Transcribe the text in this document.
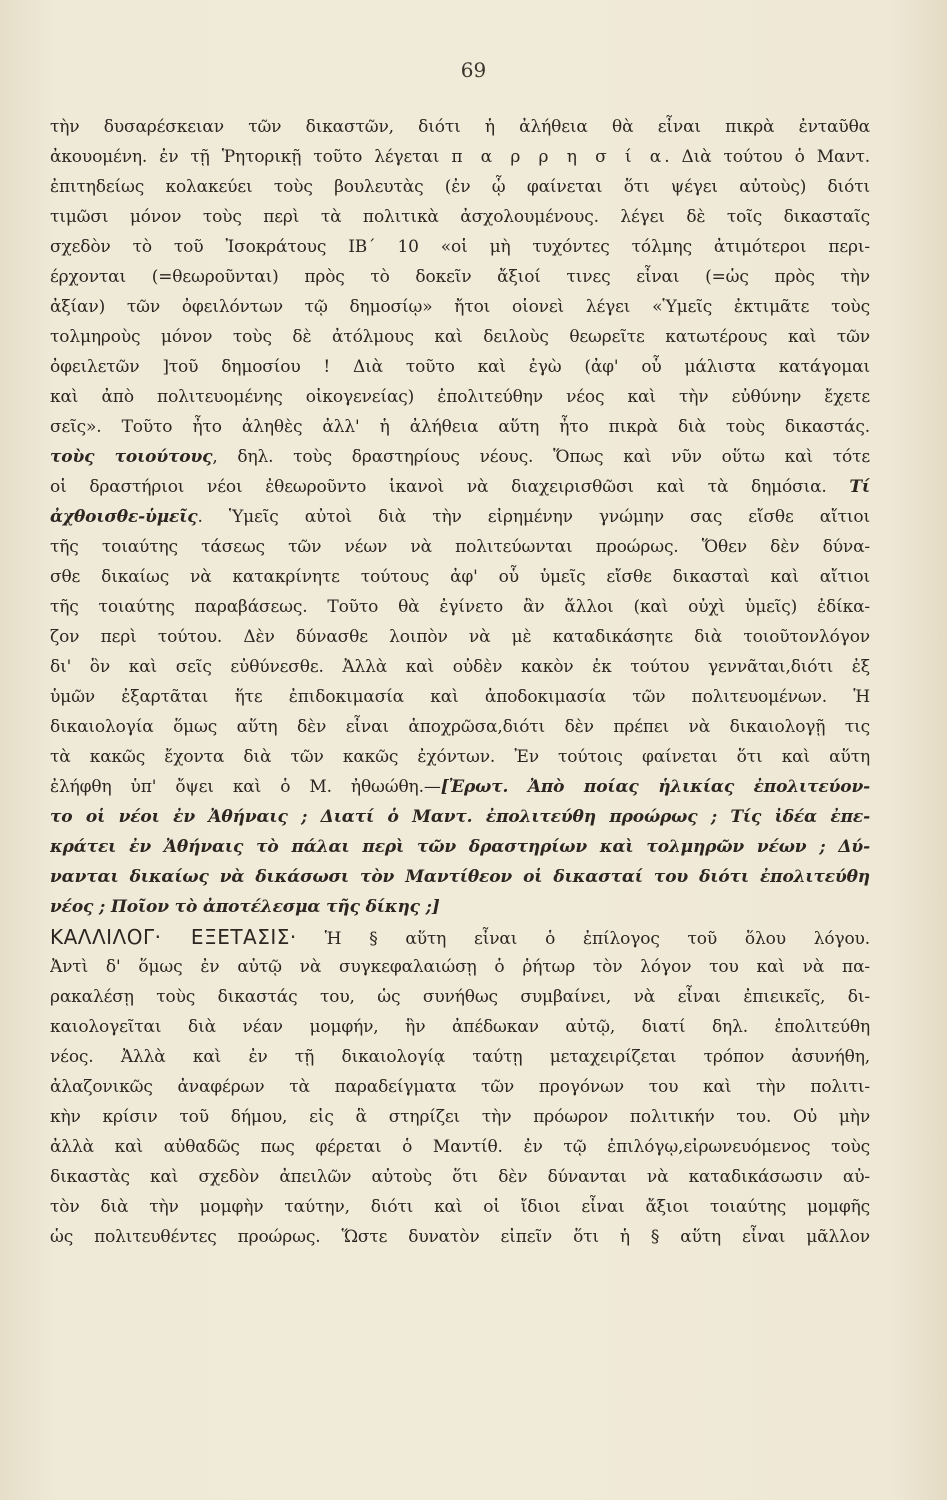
69
τὴν δυσαρέσκειαν τῶν δικαστῶν, διότι ἡ ἀλήθεια θὰ εἶναι πικρὰ ἐνταῦθα
ἀκουομένη. ἐν τῇ Ῥητορικῇ τοῦτο λέγεται π α ρ ρ η σ ί α. Διὰ τούτου ὁ Μαντ.
ἐπιτηδείως κολακεύει τοὺς βουλευτὰς (ἐν ᾧ φαίνεται ὅτι ψέγει αὐτοὺς) διότι
τιμῶσι μόνον τοὺς περὶ τὰ πολιτικὰ ἀσχολουμένους. λέγει δὲ τοῖς δικασταῖς
σχεδὸν τὸ τοῦ Ἰσοκράτους ΙΒ΄ 10 «οἱ μὴ τυχόντες τόλμης ἀτιμότεροι περι-
έρχονται (=θεωροῦνται) πρὸς τὸ δοκεῖν ἄξιοί τινες εἶναι (=ὡς πρὸς τὴν
ἀξίαν) τῶν ὀφειλόντων τῷ δημοσίῳ» ἤτοι οἱονεὶ λέγει «Ὑμεῖς ἐκτιμᾶτε τοὺς
τολμηροὺς μόνον τοὺς δὲ ἀτόλμους καὶ δειλοὺς θεωρεῖτε κατωτέρους καὶ τῶν
ὀφειλετῶν ]τοῦ δημοσίου ! Διὰ τοῦτο καὶ ἐγὼ (ἀφ' οὗ μάλιστα κατάγομαι
καὶ ἀπὸ πολιτευομένης οἰκογενείας) ἐπολιτεύθην νέος καὶ τὴν εὐθύνην ἔχετε
σεῖς». Τοῦτο ἦτο ἀληθὲς ἀλλ' ἡ ἀλήθεια αὕτη ἦτο πικρὰ διὰ τοὺς δικαστάς.
τοὺς τοιούτους, δηλ. τοὺς δραστηρίους νέους. Ὅπως καὶ νῦν οὕτω καὶ τότε
οἱ δραστήριοι νέοι ἐθεωροῦντο ἱκανοὶ νὰ διαχειρισθῶσι καὶ τὰ δημόσια. Τί
ἀχθοισθε-ὑμεῖς. Ὑμεῖς αὐτοὶ διὰ τὴν εἰρημένην γνώμην σας εἴσθε αἴτιοι
τῆς τοιαύτης τάσεως τῶν νέων νὰ πολιτεύωνται προώρως. Ὅθεν δὲν δύνα-
σθε δικαίως νὰ κατακρίνητε τούτους ἀφ' οὗ ὑμεῖς εἴσθε δικασταὶ καὶ αἴτιοι
τῆς τοιαύτης παραβάσεως. Τοῦτο θὰ ἐγίνετο ἂν ἄλλοι (καὶ οὐχὶ ὑμεῖς) ἐδίκα-
ζον περὶ τούτου. Δὲν δύνασθε λοιπὸν νὰ μὲ καταδικάσητε διὰ τοιοῦτονλόγον
δι' ὃν καὶ σεῖς εὐθύνεσθε. Ἀλλὰ καὶ οὐδὲν κακὸν ἐκ τούτου γεννᾶται,διότι ἐξ
ὑμῶν ἐξαρτᾶται ἥτε ἐπιδοκιμασία καὶ ἀποδοκιμασία τῶν πολιτευομένων. Ἡ
δικαιολογία ὅμως αὕτη δὲν εἶναι ἀποχρῶσα,διότι δὲν πρέπει νὰ δικαιολογῇ τις
τὰ κακῶς ἔχοντα διὰ τῶν κακῶς ἐχόντων. Ἐν τούτοις φαίνεται ὅτι καὶ αὕτη
ἐλήφθη ὑπ' ὄψει καὶ ὁ Μ. ἠθωώθη.—[Ἐρωτ. Ἀπὸ ποίας ἡλικίας ἐπολιτεύον-
το οἱ νέοι ἐν Ἀθήναις ; Διατί ὁ Μαντ. ἐπολιτεύθη προώρως ; Τίς ἰδέα ἐπε-
κράτει ἐν Ἀθήναις τὸ πάλαι περὶ τῶν δραστηρίων καὶ τολμηρῶν νέων ; Δύ-
νανται δικαίως νὰ δικάσωσι τὸν Μαντίθεον οἱ δικασταί του διότι ἐπολιτεύθη
νέος ; Ποῖον τὸ ἀποτέλεσμα τῆς δίκης ;]
ΚΑΛΛΙΛΟΓ· ΕΞΕΤΑΣΙΣ· Ἡ § αὕτη εἶναι ὁ ἐπίλογος τοῦ ὅλου λόγου.
Ἀντὶ δ' ὅμως ἐν αὐτῷ νὰ συγκεφαλαιώσῃ ὁ ῥήτωρ τὸν λόγον του καὶ νὰ πα-
ρακαλέσῃ τοὺς δικαστάς του, ὡς συνήθως συμβαίνει, νὰ εἶναι ἐπιεικεῖς, δι-
καιολογεῖται διὰ νέαν μομφήν, ἣν ἀπέδωκαν αὐτῷ, διατί δηλ. ἐπολιτεύθη
νέος. Ἀλλὰ καὶ ἐν τῇ δικαιολογίᾳ ταύτῃ μεταχειρίζεται τρόπον ἀσυνήθη,
ἀλαζονικῶς ἀναφέρων τὰ παραδείγματα τῶν προγόνων του καὶ τὴν πολιτι-
κὴν κρίσιν τοῦ δήμου, εἰς ἃ στηρίζει τὴν πρόωρον πολιτικήν του. Οὐ μὴν
ἀλλὰ καὶ αὐθαδῶς πως φέρεται ὁ Μαντίθ. ἐν τῷ ἐπιλόγῳ,εἰρωνευόμενος τοὺς
δικαστὰς καὶ σχεδὸν ἀπειλῶν αὐτοὺς ὅτι δὲν δύνανται νὰ καταδικάσωσιν αὐ-
τὸν διὰ τὴν μομφὴν ταύτην, διότι καὶ οἱ ἴδιοι εἶναι ἄξιοι τοιαύτης μομφῆς
ὡς πολιτευθέντες προώρως. Ὥστε δυνατὸν εἰπεῖν ὅτι ἡ § αὕτη εἶναι μᾶλλον
